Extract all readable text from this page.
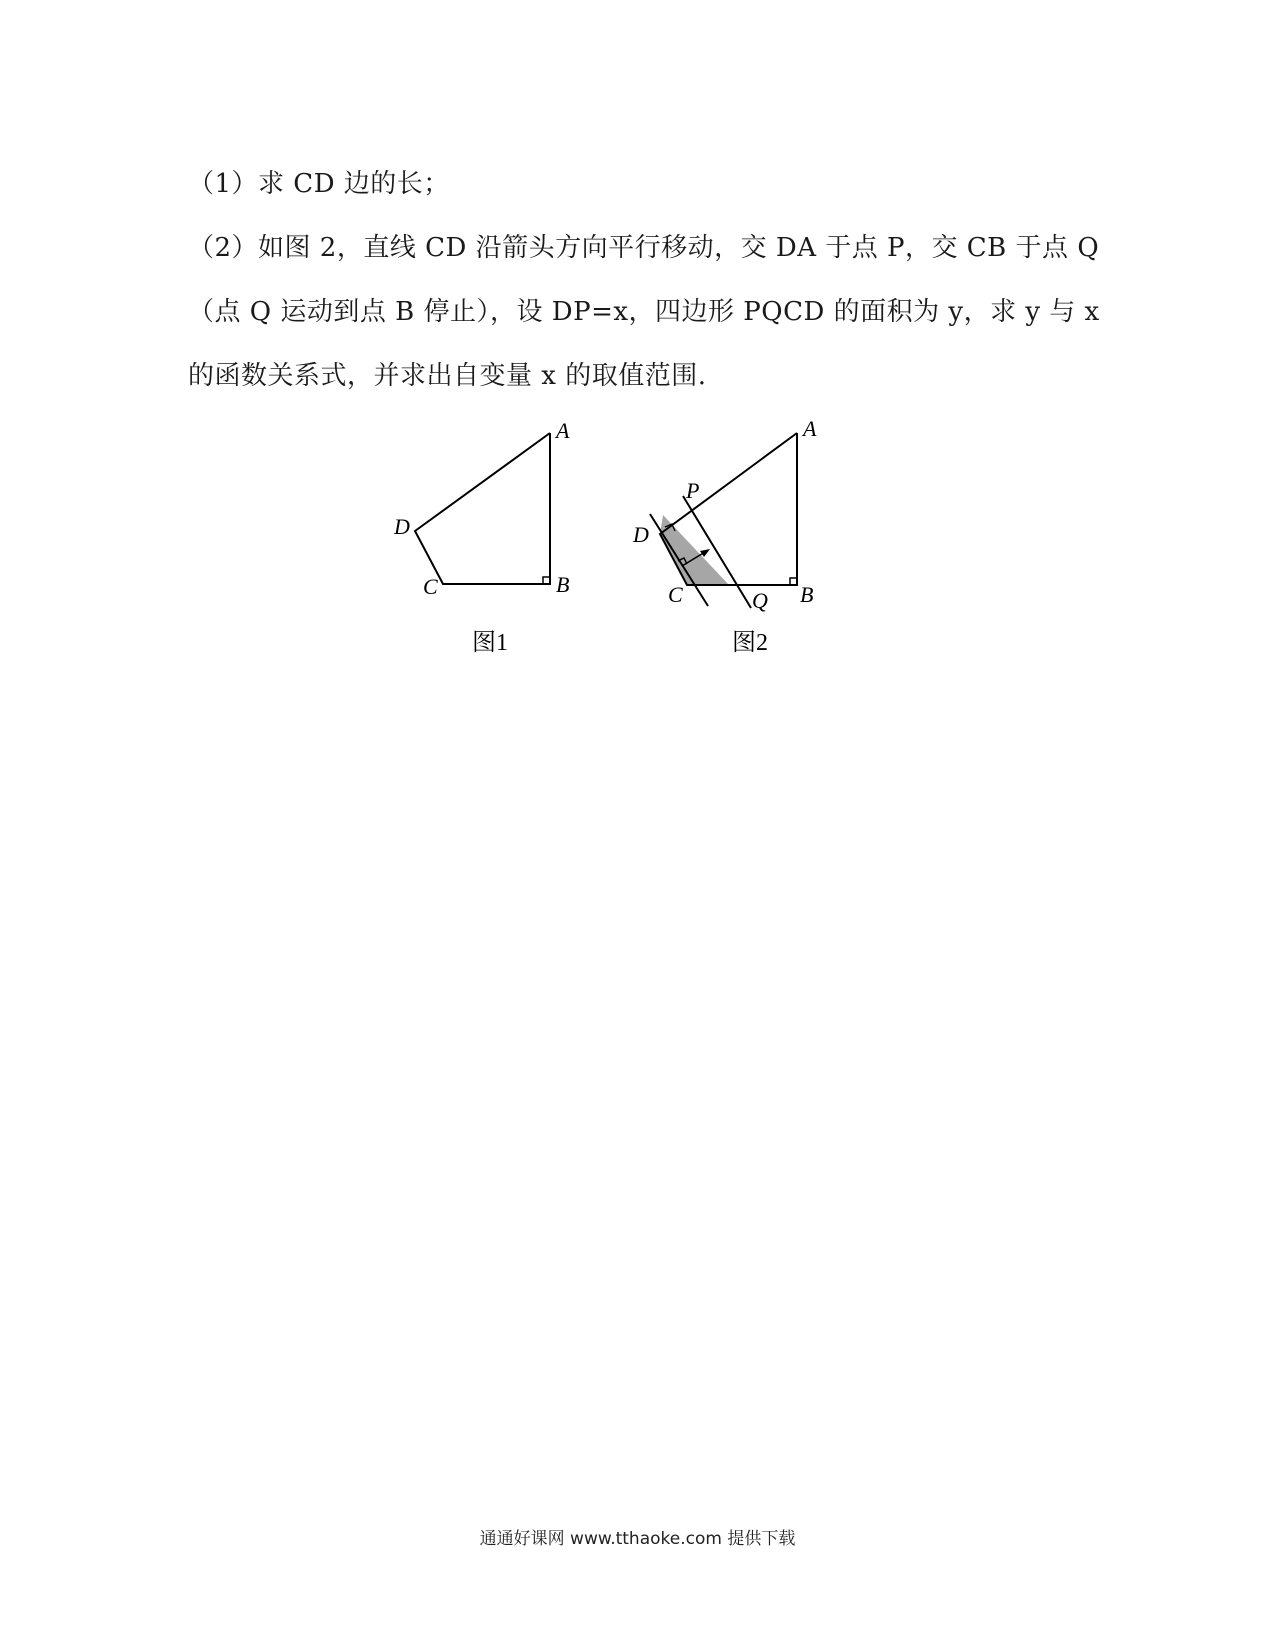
（1）求 CD 边的长；
（2）如图 2，直线 CD 沿箭头方向平行移动，交 DA 于点 P，交 CB 于点 Q
（点 Q 运动到点 B 停止），设 DP=x，四边形 PQCD 的面积为 y，求 y 与 x
的函数关系式，并求出自变量 x 的取值范围.
A
B
C
D
图1
A
B
C
D
P
Q
图2
通通好课网 www.tthaoke.com 提供下载
